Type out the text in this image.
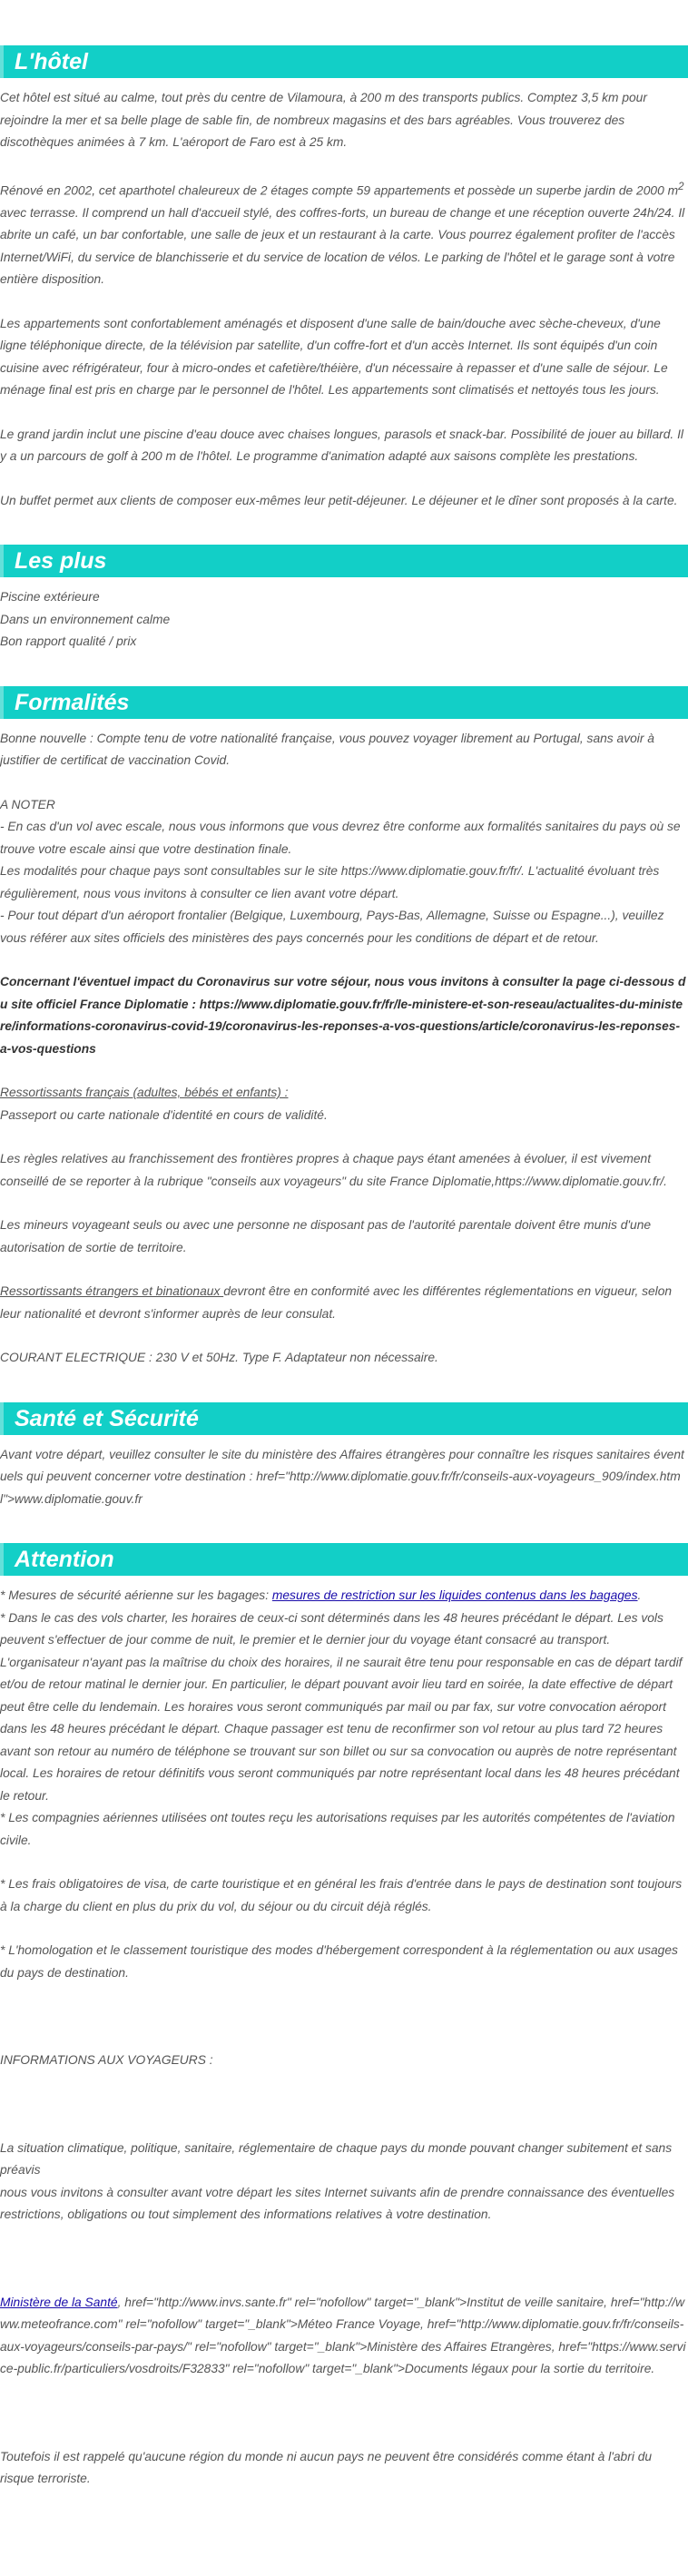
L'hôtel

Cet hôtel est situé au calme, tout près du centre de Vilamoura, à 200 m des transports publics. Comptez 3,5 km pour rejoindre la mer et sa belle plage de sable fin, de nombreux magasins et des bars agréables. Vous trouverez des discothèques animées à 7 km. L'aéroport de Faro est à 25 km.

Rénové en 2002, cet aparthotel chaleureux de 2 étages compte 59 appartements et possède un superbe jardin de 2000 $m^2$ avec terrasse. Il comprend un hall d'accueil stylé, des coffres-forts, un bureau de change et une réception ouverte 24h/24. Il abrite un café, un bar confortable, une salle de jeux et un restaurant à la carte. Vous pourrez également profiter de l'accès Internet/WiFi, du service de blanchisserie et du service de location de vélos. Le parking de l'hôtel et le garage sont à votre entière disposition.

Les appartements sont confortablement aménagés et disposent d'une salle de bain/douche avec sèche-cheveux, d'une ligne téléphonique directe, de la télévision par satellite, d'un coffre-fort et d'un accès Internet. Ils sont équipés d'un coin cuisine avec réfrigérateur, four à micro-ondes et cafetière/théière, d'un nécessaire à repasser et d'une salle de séjour. Le ménage final est pris en charge par le personnel de l'hôtel. Les appartements sont climatisés et nettoyés tous les jours.

Le grand jardin inclut une piscine d'eau douce avec chaises longues, parasols et snack-bar. Possibilité de jouer au billard. Il y a un parcours de golf à 200 m de l'hôtel. Le programme d'animation adapté aux saisons complète les prestations.

Un buffet permet aux clients de composer eux-mêmes leur petit-déjeuner. Le déjeuner et le dîner sont proposés à la carte.

Les plus

Piscine extérieure

Dans un environnement calme

Bon rapport qualité / prix

Formalités

Bonne nouvelle : Compte tenu de votre nationalité française, vous pouvez voyager librement au Portugal, sans avoir à justifier de certificat de vaccination Covid.

A NOTER

- En cas d'un vol avec escale, nous vous informons que vous devrez être conforme aux formalités sanitaires du pays où se trouve votre escale ainsi que votre destination finale.

Les modalités pour chaque pays sont consultables sur le site https://www.diplomatie.gouv.fr/fr/. L'actualité évoluant très régulièrement, nous vous invitons à consulter ce lien avant votre départ.

- Pour tout départ d'un aéroport frontalier (Belgique, Luxembourg, Pays-Bas, Allemagne, Suisse ou Espagne...), veuillez vous référer aux sites officiels des ministères des pays concernés pour les conditions de départ et de retour.

Concernant l'éventuel impact du Coronavirus sur votre séjour, nous vous invitons à consulter la page ci-dessous du site officiel France Diplomatie : https://www.diplomatie.gouv.fr/fr/le-ministere-et-son-reseau/actualites-du-ministere/informations-coronavirus-covid-19/coronavirus-les-reponses-a-vos-questions/article/coronavirus-les-reponses-a-vos-questions

Ressortissants français (adultes, bébés et enfants) :

Passeport ou carte nationale d'identité en cours de validité.

Les règles relatives au franchissement des frontières propres à chaque pays étant amenées à évoluer, il est vivement conseillé de se reporter à la rubrique "conseils aux voyageurs" du site France Diplomatie,https://www.diplomatie.gouv.fr/.

Les mineurs voyageant seuls ou avec une personne ne disposant pas de l'autorité parentale doivent être munis d'une autorisation de sortie de territoire.

Ressortissants étrangers et binationaux devront être en conformité avec les différentes réglementations en vigueur, selon leur nationalité et devront s'informer auprès de leur consulat.

COURANT ELECTRIQUE : 230 V et 50Hz. Type F. Adaptateur non nécessaire.

Santé et Sécurité

Avant votre départ, veuillez consulter le site du ministère des Affaires étrangères pour connaître les risques sanitaires éventuels qui peuvent concerner votre destination : href="http://www.diplomatie.gouv.fr/fr/conseils-aux-voyageurs_909/index.html">www.diplomatie.gouv.fr

Attention

* Mesures de sécurité aérienne sur les bagages: mesures de restriction sur les liquides contenus dans les bagages.

* Dans le cas des vols charter, les horaires de ceux-ci sont déterminés dans les 48 heures précédant le départ. Les vols peuvent s'effectuer de jour comme de nuit, le premier et le dernier jour du voyage étant consacré au transport. L'organisateur n'ayant pas la maîtrise du choix des horaires, il ne saurait être tenu pour responsable en cas de départ tardif et/ou de retour matinal le dernier jour. En particulier, le départ pouvant avoir lieu tard en soirée, la date effective de départ peut être celle du lendemain. Les horaires vous seront communiqués par mail ou par fax, sur votre convocation aéroport dans les 48 heures précédant le départ. Chaque passager est tenu de reconfirmer son vol retour au plus tard 72 heures avant son retour au numéro de téléphone se trouvant sur son billet ou sur sa convocation ou auprès de notre représentant local. Les horaires de retour définitifs vous seront communiqués par notre représentant local dans les 48 heures précédant le retour.

* Les compagnies aériennes utilisées ont toutes reçu les autorisations requises par les autorités compétentes de l'aviation civile.

* Les frais obligatoires de visa, de carte touristique et en général les frais d'entrée dans le pays de destination sont toujours à la charge du client en plus du prix du vol, du séjour ou du circuit déjà réglés.

* L'homologation et le classement touristique des modes d'hébergement correspondent à la réglementation ou aux usages du pays de destination.

INFORMATIONS AUX VOYAGEURS :

La situation climatique, politique, sanitaire, réglementaire de chaque pays du monde pouvant changer subitement et sans préavis

nous vous invitons à consulter avant votre départ les sites Internet suivants afin de prendre connaissance des éventuelles restrictions, obligations ou tout simplement des informations relatives à votre destination.

Ministère de la Santé, href="http://www.invs.sante.fr" rel="nofollow" target="_blank">Institut de veille sanitaire, href="http://www.meteofrance.com" rel="nofollow" target="_blank">Méteo France Voyage, href="http://www.diplomatie.gouv.fr/fr/conseils-aux-voyageurs/conseils-par-pays/" rel="nofollow" target="_blank">Ministère des Affaires Etrangères, href="https://www.service-public.fr/particuliers/vosdroits/F32833" rel="nofollow" target="_blank">Documents légaux pour la sortie du territoire.

Toutefois il est rappelé qu'aucune région du monde ni aucun pays ne peuvent être considérés comme étant à l'abri du risque terroriste.
